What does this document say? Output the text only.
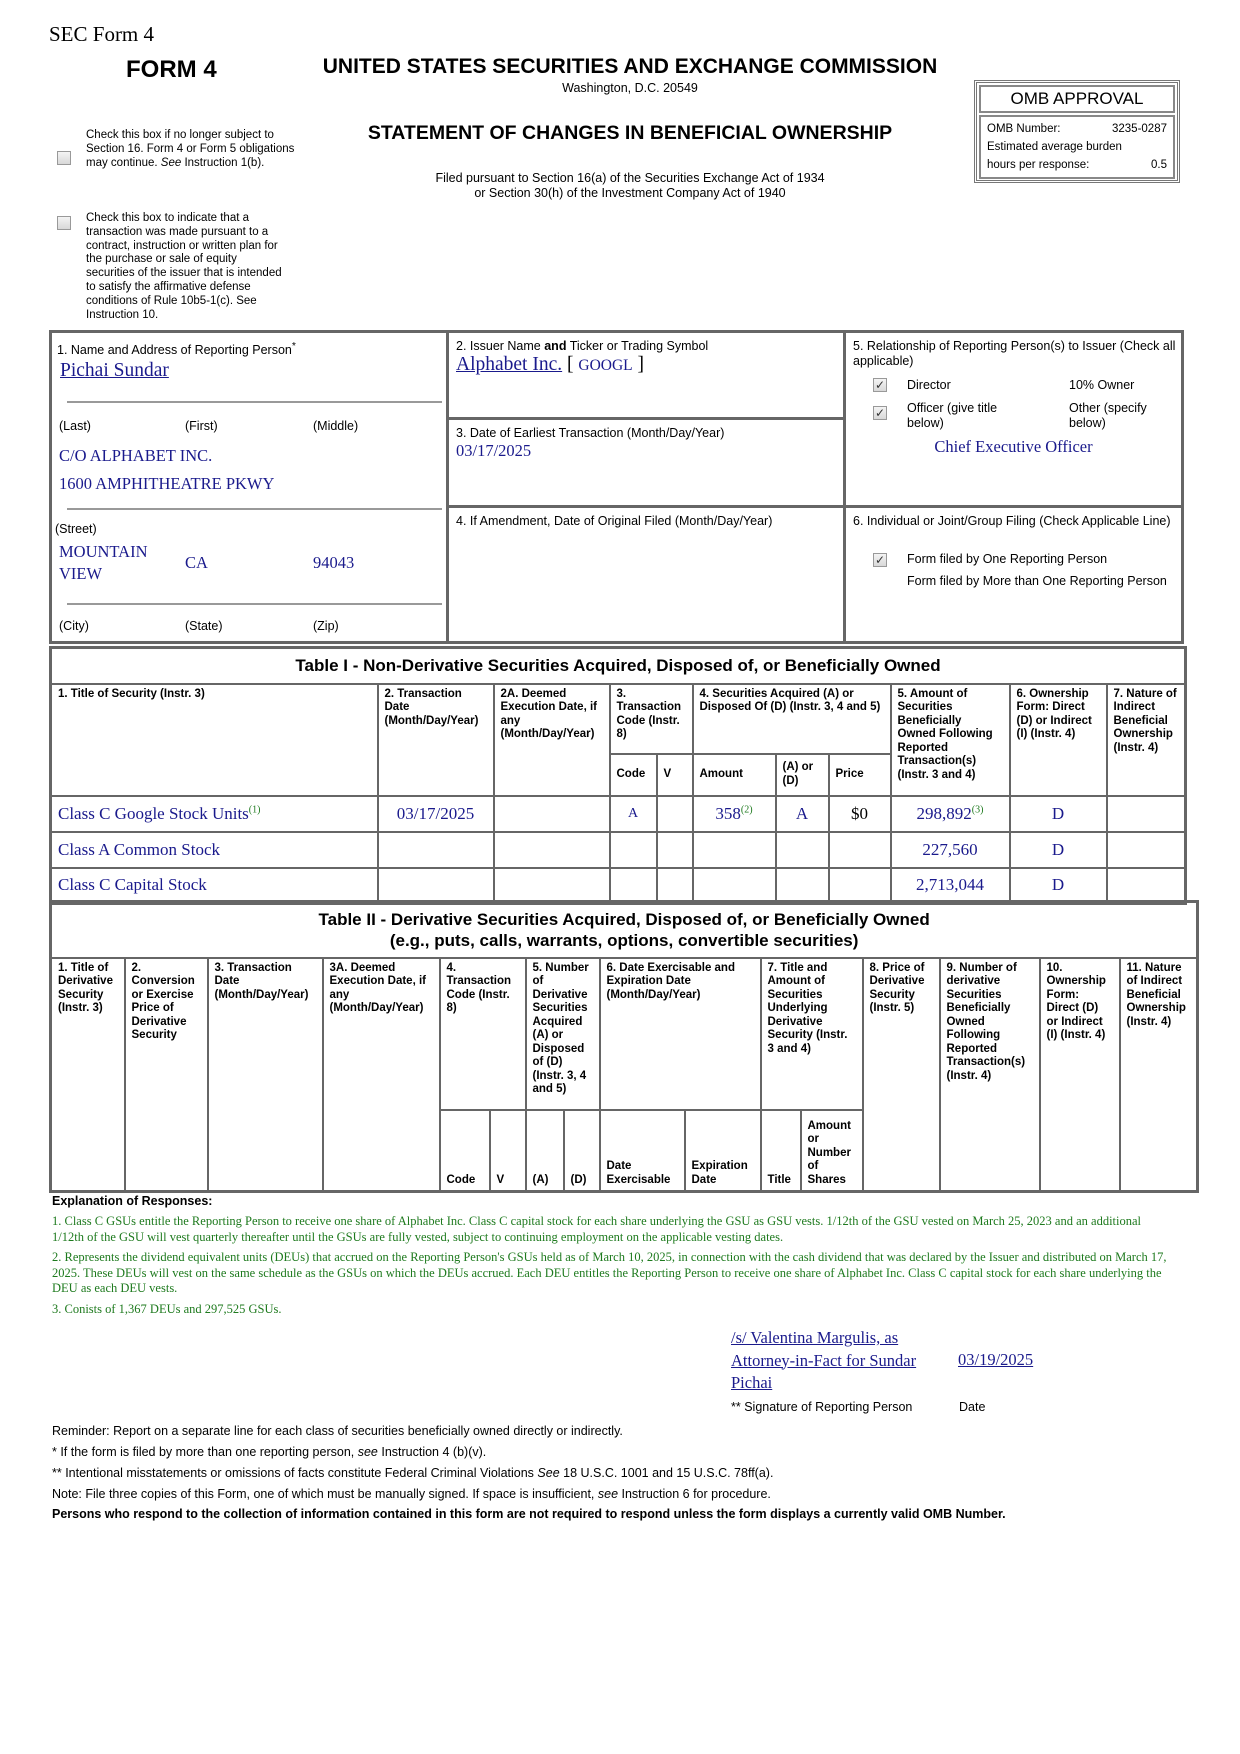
SEC Form 4
FORM 4	UNITED STATES SECURITIES AND EXCHANGE COMMISSION
Washington, D.C. 20549
STATEMENT OF CHANGES IN BENEFICIAL OWNERSHIP
Filed pursuant to Section 16(a) of the Securities Exchange Act of 1934
or Section 30(h) of the Investment Company Act of 1940
Check this box if no longer subject to Section 16. Form 4 or Form 5 obligations may continue. See Instruction 1(b).
Check this box to indicate that a transaction was made pursuant to a contract, instruction or written plan for the purchase or sale of equity securities of the issuer that is intended to satisfy the affirmative defense conditions of Rule 10b5-1(c). See Instruction 10.
OMB APPROVAL
OMB Number:	3235-0287
Estimated average burden
hours per response:	0.5
1. Name and Address of Reporting Person*
Pichai Sundar
(Last)	(First)	(Middle)
C/O ALPHABET INC.
1600 AMPHITHEATRE PKWY
(Street)
MOUNTAIN VIEW
CA	94043
(City)	(State)	(Zip)
2. Issuer Name and Ticker or Trading Symbol
Alphabet Inc. [ GOOGL ]
3. Date of Earliest Transaction (Month/Day/Year)
03/17/2025
4. If Amendment, Date of Original Filed (Month/Day/Year)
5. Relationship of Reporting Person(s) to Issuer (Check all applicable)
✓ Director	10% Owner
✓ Officer (give title below)
Other (specify below)
Chief Executive Officer
6. Individual or Joint/Group Filing (Check Applicable Line)
✓ Form filed by One Reporting Person
Form filed by More than One Reporting Person
Table I - Non-Derivative Securities Acquired, Disposed of, or Beneficially Owned										
1. Title of Security (Instr. 3)	2. Transaction Date (Month/Day/Year)	2A. Deemed Execution Date, if any (Month/Day/Year)	3. Transaction Code (Instr. 8)		4. Securities Acquired (A) or Disposed Of (D) (Instr. 3, 4 and 5)			5. Amount of Securities Beneficially Owned Following Reported Transaction(s) (Instr. 3 and 4)	6. Ownership Form: Direct (D) or Indirect (I) (Instr. 4)	7. Nature of Indirect Beneficial Ownership (Instr. 4)
			Code	V	Amount	(A) or (D)	Price			
Class C Google Stock Units$^{(1)}$	03/17/2025		A		358$^{(2)}$	A	$0	298,892$^{(3)}$	D	
Class A Common Stock								227,560	D	
Class C Capital Stock								2,713,044	D	
Table II - Derivative Securities Acquired, Disposed of, or Beneficially Owned
(e.g., puts, calls, warrants, options, convertible securities)															

1. Title of Derivative Security (Instr. 3)	2. Conversion or Exercise Price of Derivative Security	3. Transaction Date (Month/Day/Year)	3A. Deemed Execution Date, if any (Month/Day/Year)	4. Transaction Code (Instr. 8)		5. Number of Derivative Securities Acquired (A) or Disposed of (D) (Instr. 3, 4 and 5)		6. Date Exercisable and Expiration Date (Month/Day/Year)		7. Title and Amount of Securities Underlying Derivative Security (Instr. 3 and 4)		8. Price of Derivative Security (Instr. 5)	9. Number of derivative Securities Beneficially Owned Following Reported Transaction(s) (Instr. 4)	10. Ownership Form: Direct (D) or Indirect (I) (Instr. 4)	11. Nature of Indirect Beneficial Ownership (Instr. 4)
				Code	V	(A)	(D)	Date Exercisable	Expiration Date	Title	Amount or Number of Shares				
Explanation of Responses:
1. Class C GSUs entitle the Reporting Person to receive one share of Alphabet Inc. Class C capital stock for each share underlying the GSU as GSU vests. 1/12th of the GSU vested on March 25, 2023 and an additional 1/12th of the GSU will vest quarterly thereafter until the GSUs are fully vested, subject to continuing employment on the applicable vesting dates.
2. Represents the dividend equivalent units (DEUs) that accrued on the Reporting Person's GSUs held as of March 10, 2025, in connection with the cash dividend that was declared by the Issuer and distributed on March 17, 2025. These DEUs will vest on the same schedule as the GSUs on which the DEUs accrued. Each DEU entitles the Reporting Person to receive one share of Alphabet Inc. Class C capital stock for each share underlying the DEU as each DEU vests.
3. Conists of 1,367 DEUs and 297,525 GSUs.
/s/ Valentina Margulis, as Attorney-in-Fact for Sundar Pichai
03/19/2025
** Signature of Reporting Person	Date
Reminder: Report on a separate line for each class of securities beneficially owned directly or indirectly.
* If the form is filed by more than one reporting person, see Instruction 4 (b)(v).
** Intentional misstatements or omissions of facts constitute Federal Criminal Violations See 18 U.S.C. 1001 and 15 U.S.C. 78ff(a).
Note: File three copies of this Form, one of which must be manually signed. If space is insufficient, see Instruction 6 for procedure.
Persons who respond to the collection of information contained in this form are not required to respond unless the form displays a currently valid OMB Number.
